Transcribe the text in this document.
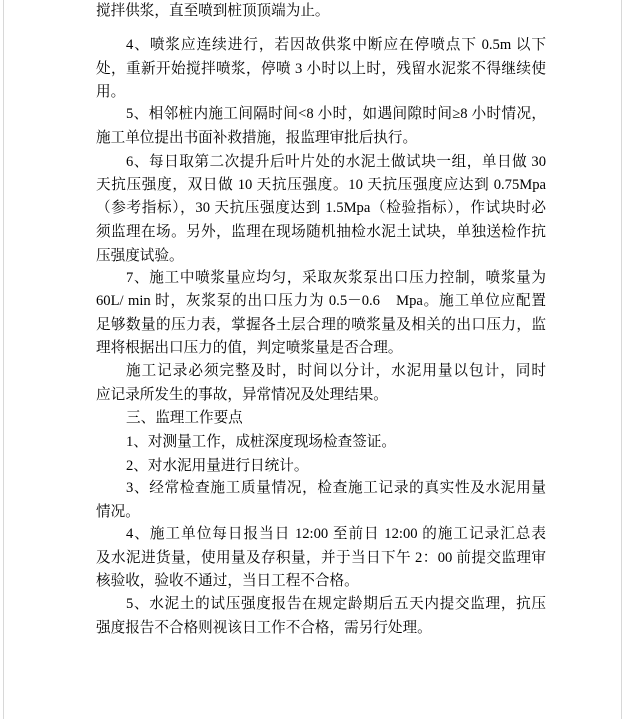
搅拌供浆，直至喷到桩顶顶端为止。
4、喷浆应连续进行，若因故供浆中断应在停喷点下 0.5m 以下
处，重新开始搅拌喷浆，停喷 3 小时以上时，残留水泥浆不得继续使
用。
5、相邻桩内施工间隔时间<8 小时，如遇间隙时间≥8 小时情况，
施工单位提出书面补救措施，报监理审批后执行。
6、每日取第二次提升后叶片处的水泥土做试块一组，单日做 30
天抗压强度，双日做 10 天抗压强度。10 天抗压强度应达到 0.75Mpa
（参考指标），30 天抗压强度达到 1.5Mpa（检验指标），作试块时必
须监理在场。另外，监理在现场随机抽检水泥土试块，单独送检作抗
压强度试验。
7、施工中喷浆量应均匀，采取灰浆泵出口压力控制，喷浆量为
60L/ min 时，灰浆泵的出口压力为 0.5－0.6　Mpa。施工单位应配置
足够数量的压力表，掌握各土层合理的喷浆量及相关的出口压力，监
理将根据出口压力的值，判定喷浆量是否合理。
施工记录必须完整及时，时间以分计，水泥用量以包计，同时
应记录所发生的事故，异常情况及处理结果。
三、监理工作要点
1、对测量工作，成桩深度现场检查签证。
2、对水泥用量进行日统计。
3、经常检查施工质量情况，检查施工记录的真实性及水泥用量
情况。
4、施工单位每日报当日 12:00 至前日 12:00 的施工记录汇总表
及水泥进货量，使用量及存积量，并于当日下午 2：00 前提交监理审
核验收，验收不通过，当日工程不合格。
5、水泥土的试压强度报告在规定龄期后五天内提交监理，抗压
强度报告不合格则视该日工作不合格，需另行处理。
